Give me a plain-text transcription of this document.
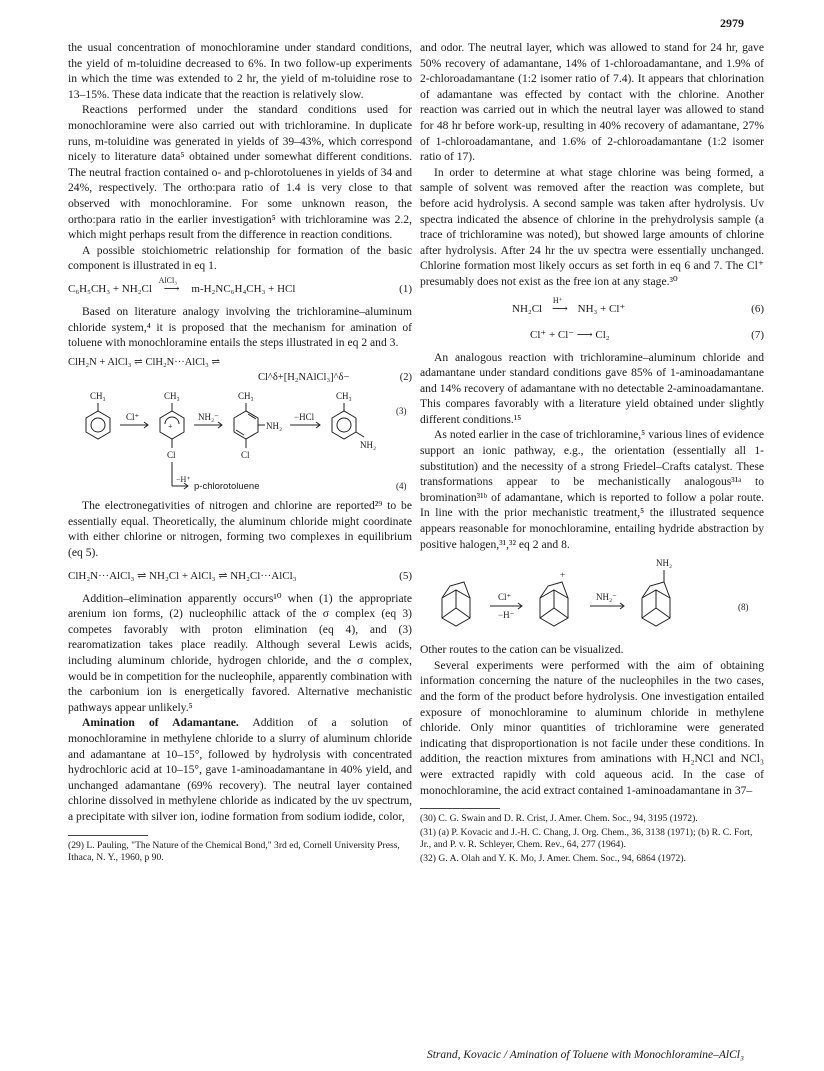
2979

the usual concentration of monochloramine under standard conditions, the yield of m-toluidine decreased to 6%. In two follow-up experiments in which the time was extended to 2 hr, the yield of m-toluidine rose to 13–15%. These data indicate that the reaction is relatively slow.

Reactions performed under the standard conditions used for monochloramine were also carried out with trichloramine. In duplicate runs, m-toluidine was generated in yields of 39–43%, which correspond nicely to literature data⁵ obtained under somewhat different conditions. The neutral fraction contained o- and p-chlorotoluenes in yields of 34 and 24%, respectively. The ortho:para ratio of 1.4 is very close to that observed with monochloramine. For some unknown reason, the ortho:para ratio in the earlier investigation⁵ with trichloramine was 2.2, which might perhaps result from the difference in reaction conditions.

A possible stoichiometric relationship for formation of the basic component is illustrated in eq 1.

C₆H₅CH₃ + NH₂Cl
AlCl₃
⟶ m-H₂NC₆H₄CH₃ + HCl	(1)

Based on literature analogy involving the trichloramine–aluminum chloride system,⁴ it is proposed that the mechanism for amination of toluene with monochloramine entails the steps illustrated in eq 2 and 3.

ClH₂N + AlCl₃ ⇌ ClH₂N···AlCl₃ ⇌
Cl^δ+[H₂NAlCl₃]^δ−	(2)
CH₃
Cl⁺
+
CH₃
Cl
NH₂⁻
CH₃
NH₂
Cl
−HCl
CH₃
NH₂
(3)
−H⁺
p-chlorotoluene	(4)

The electronegativities of nitrogen and chlorine are reported²⁹ to be essentially equal. Theoretically, the aluminum chloride might coordinate with either chlorine or nitrogen, forming two complexes in equilibrium (eq 5).

ClH₂N···AlCl₃ ⇌ NH₂Cl + AlCl₃ ⇌ NH₂Cl···AlCl₃	(5)

Addition–elimination apparently occurs¹⁰ when (1) the appropriate arenium ion forms, (2) nucleophilic attack of the σ complex (eq 3) competes favorably with proton elimination (eq 4), and (3) rearomatization takes place readily. Although several Lewis acids, including aluminum chloride, hydrogen chloride, and the σ complex, would be in competition for the nucleophile, apparently combination with the carbonium ion is energetically favored. Alternative mechanistic pathways appear unlikely.⁵

Amination of Adamantane. Addition of a solution of monochloramine in methylene chloride to a slurry of aluminum chloride and adamantane at 10–15°, followed by hydrolysis with concentrated hydrochloric acid at 10–15°, gave 1-aminoadamantane in 40% yield, and unchanged adamantane (69% recovery). The neutral layer contained chlorine dissolved in methylene chloride as indicated by the uv spectrum, a precipitate with silver ion, iodine formation from sodium iodide, color,

(29) L. Pauling, "The Nature of the Chemical Bond," 3rd ed, Cornell University Press, Ithaca, N. Y., 1960, p 90.

and odor. The neutral layer, which was allowed to stand for 24 hr, gave 50% recovery of adamantane, 14% of 1-chloroadamantane, and 1.9% of 2-chloroadamantane (1:2 isomer ratio of 7.4). It appears that chlorination of adamantane was effected by contact with the chlorine. Another reaction was carried out in which the neutral layer was allowed to stand for 48 hr before work-up, resulting in 40% recovery of adamantane, 27% of 1-chloroadamantane, and 1.6% of 2-chloroadamantane (1:2 isomer ratio of 17).

In order to determine at what stage chlorine was being formed, a sample of solvent was removed after the reaction was complete, but before acid hydrolysis. A second sample was taken after hydrolysis. Uv spectra indicated the absence of chlorine in the prehydrolysis sample (a trace of trichloramine was noted), but showed large amounts of chlorine after hydrolysis. After 24 hr the uv spectra were essentially unchanged. Chlorine formation most likely occurs as set forth in eq 6 and 7. The Cl⁺ presumably does not exist as the free ion at any stage.³⁰

NH₂Cl
H⁺
⟶ NH₃ + Cl⁺	(6)
Cl⁺ + Cl⁻ ⟶ Cl₂	(7)

An analogous reaction with trichloramine–aluminum chloride and adamantane under standard conditions gave 85% of 1-aminoadamantane and 14% recovery of adamantane with no detectable 2-aminoadamantane. This compares favorably with a literature yield obtained under slightly different conditions.¹⁵

As noted earlier in the case of trichloramine,⁵ various lines of evidence support an ionic pathway, e.g., the orientation (essentially all 1-substitution) and the necessity of a strong Friedel–Crafts catalyst. These transformations appear to be mechanistically analogous³¹ᵃ to bromination³¹ᵇ of adamantane, which is reported to follow a polar route. In line with the prior mechanistic treatment,⁵ the illustrated sequence appears reasonable for monochloramine, entailing hydride abstraction by positive halogen,³¹,³² eq 2 and 8.

Cl⁺
−H⁻
+
NH₂⁻
NH₂
(8)

Other routes to the cation can be visualized.

Several experiments were performed with the aim of obtaining information concerning the nature of the nucleophiles in the two cases, and the form of the product before hydrolysis. One investigation entailed exposure of monochloramine to aluminum chloride in methylene chloride. Only minor quantities of trichloramine were generated indicating that disproportionation is not facile under these conditions. In addition, the reaction mixtures from aminations with H₂NCl and NCl₃ were extracted rapidly with cold aqueous acid. In the case of monochloramine, the acid extract contained 1-aminoadamantane in 37–

(30) C. G. Swain and D. R. Crist, J. Amer. Chem. Soc., 94, 3195 (1972).
(31) (a) P. Kovacic and J.-H. C. Chang, J. Org. Chem., 36, 3138 (1971); (b) R. C. Fort, Jr., and P. v. R. Schleyer, Chem. Rev., 64, 277 (1964).
(32) G. A. Olah and Y. K. Mo, J. Amer. Chem. Soc., 94, 6864 (1972).
Strand, Kovacic / Amination of Toluene with Monochloramine–AlCl₃
